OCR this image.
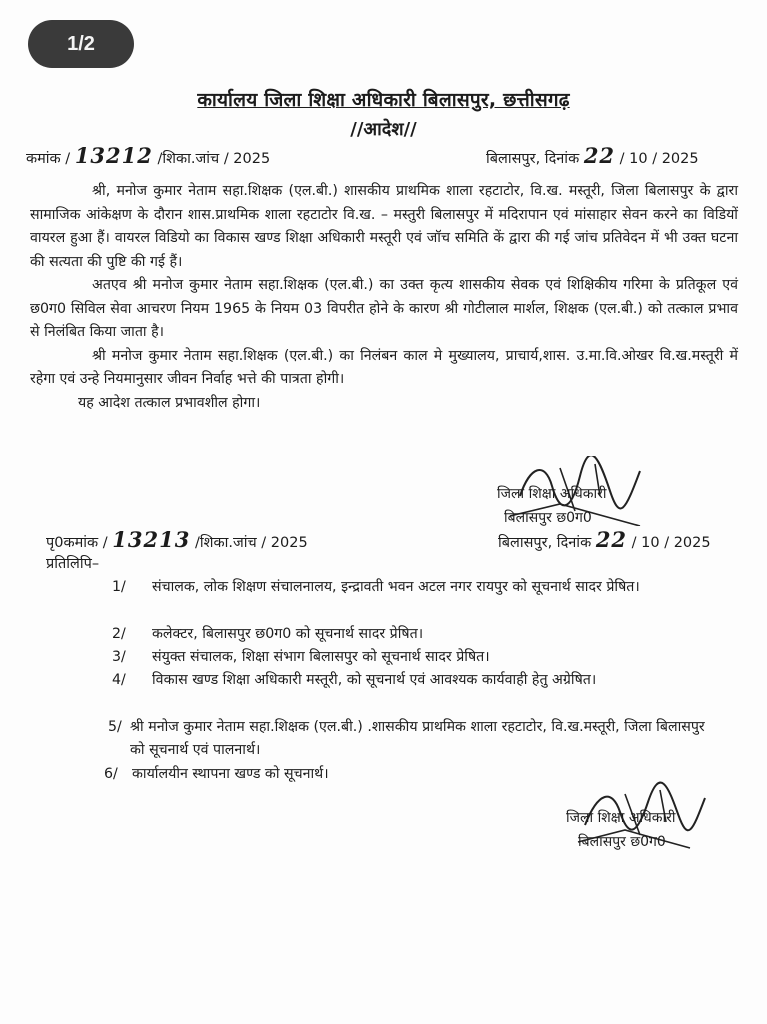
1/2
कार्यालय जिला शिक्षा अधिकारी बिलासपुर, छत्तीसगढ़
//आदेश//
कमांक / 13212 /शिका.जांच / 2025	बिलासपुर, दिनांक 22 / 10 / 2025

श्री, मनोज कुमार नेताम सहा.शिक्षक (एल.बी.) शासकीय प्राथमिक शाला रहटाटोर, वि.ख. मस्तूरी, जिला बिलासपुर के द्वारा सामाजिक आंकेक्षण के दौरान शास.प्राथमिक शाला रहटाटोर वि.ख. – मस्तुरी बिलासपुर में मदिरापान एवं मांसाहार सेवन करने का विडियों वायरल हुआ हैं। वायरल विडियो का विकास खण्ड शिक्षा अधिकारी मस्तूरी एवं जॉच समिति कें द्वारा की गई जांच प्रतिवेदन में भी उक्त घटना की सत्यता की पुष्टि की गई हैं।

अतएव श्री मनोज कुमार नेताम सहा.शिक्षक (एल.बी.) का उक्त कृत्य शासकीय सेवक एवं शिक्षिकीय गरिमा के प्रतिकूल एवं छ0ग0 सिविल सेवा आचरण नियम 1965 के नियम 03 विपरीत होने के कारण श्री गोटीलाल मार्शल, शिक्षक (एल.बी.) को तत्काल प्रभाव से निलंबित किया जाता है।

श्री मनोज कुमार नेताम सहा.शिक्षक (एल.बी.) का निलंबन काल मे मुख्यालय, प्राचार्य,शास. उ.मा.वि.ओखर वि.ख.मस्तूरी में रहेगा एवं उन्हे नियमानुसार जीवन निर्वाह भत्ते की पात्रता होगी।

यह आदेश तत्काल प्रभावशील होगा।

जिला शिक्षा अधिकारी
बिलासपुर छ0ग0
पृ0कमांक / 13213 /शिका.जांच / 2025	बिलासपुर, दिनांक 22 / 10 / 2025
प्रतिलिपि–
1/ संचालक, लोक शिक्षण संचालनालय, इन्द्रावती भवन अटल नगर रायपुर को सूचनार्थ सादर प्रेषित।
2/ कलेक्टर, बिलासपुर छ0ग0 को सूचनार्थ सादर प्रेषित।
3/ संयुक्त संचालक, शिक्षा संभाग बिलासपुर को सूचनार्थ सादर प्रेषित।
4/ विकास खण्ड शिक्षा अधिकारी मस्तूरी, को सूचनार्थ एवं आवश्यक कार्यवाही हेतु अग्रेषित।
5/ श्री मनोज कुमार नेताम सहा.शिक्षक (एल.बी.) .शासकीय प्राथमिक शाला रहटाटोर, वि.ख.मस्तूरी, जिला बिलासपुर को सूचनार्थ एवं पालनार्थ।
6/ कार्यालयीन स्थापना खण्ड को सूचनार्थ।
जिला शिक्षा अधिकारी
बिलासपुर छ0ग0
